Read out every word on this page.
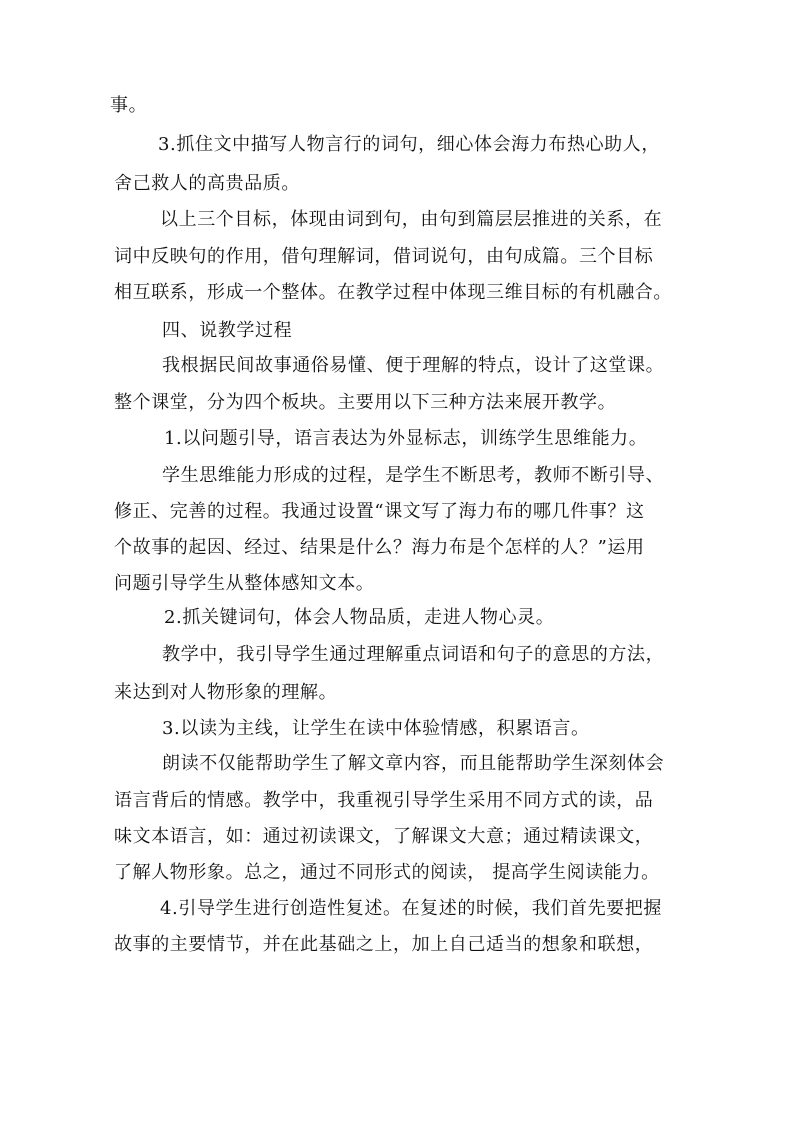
事。
3.抓住文中描写人物言行的词句，细心体会海力布热心助人，
舍己救人的高贵品质。
以上三个目标，体现由词到句，由句到篇层层推进的关系，在
词中反映句的作用，借句理解词，借词说句，由句成篇。三个目标
相互联系，形成一个整体。在教学过程中体现三维目标的有机融合。
四、说教学过程
我根据民间故事通俗易懂、便于理解的特点，设计了这堂课。
整个课堂，分为四个板块。主要用以下三种方法来展开教学。
1.以问题引导，语言表达为外显标志，训练学生思维能力。
学生思维能力形成的过程，是学生不断思考，教师不断引导、
修正、完善的过程。我通过设置“课文写了海力布的哪几件事？这
个故事的起因、经过、结果是什么？海力布是个怎样的人？”运用
问题引导学生从整体感知文本。
2.抓关键词句，体会人物品质，走进人物心灵。
教学中，我引导学生通过理解重点词语和句子的意思的方法，
来达到对人物形象的理解。
3.以读为主线，让学生在读中体验情感，积累语言。
朗读不仅能帮助学生了解文章内容，而且能帮助学生深刻体会
语言背后的情感。教学中，我重视引导学生采用不同方式的读，品
味文本语言，如：通过初读课文，了解课文大意；通过精读课文，
了解人物形象。总之，通过不同形式的阅读， 提高学生阅读能力。
4.引导学生进行创造性复述。在复述的时候，我们首先要把握
故事的主要情节，并在此基础之上，加上自己适当的想象和联想，
